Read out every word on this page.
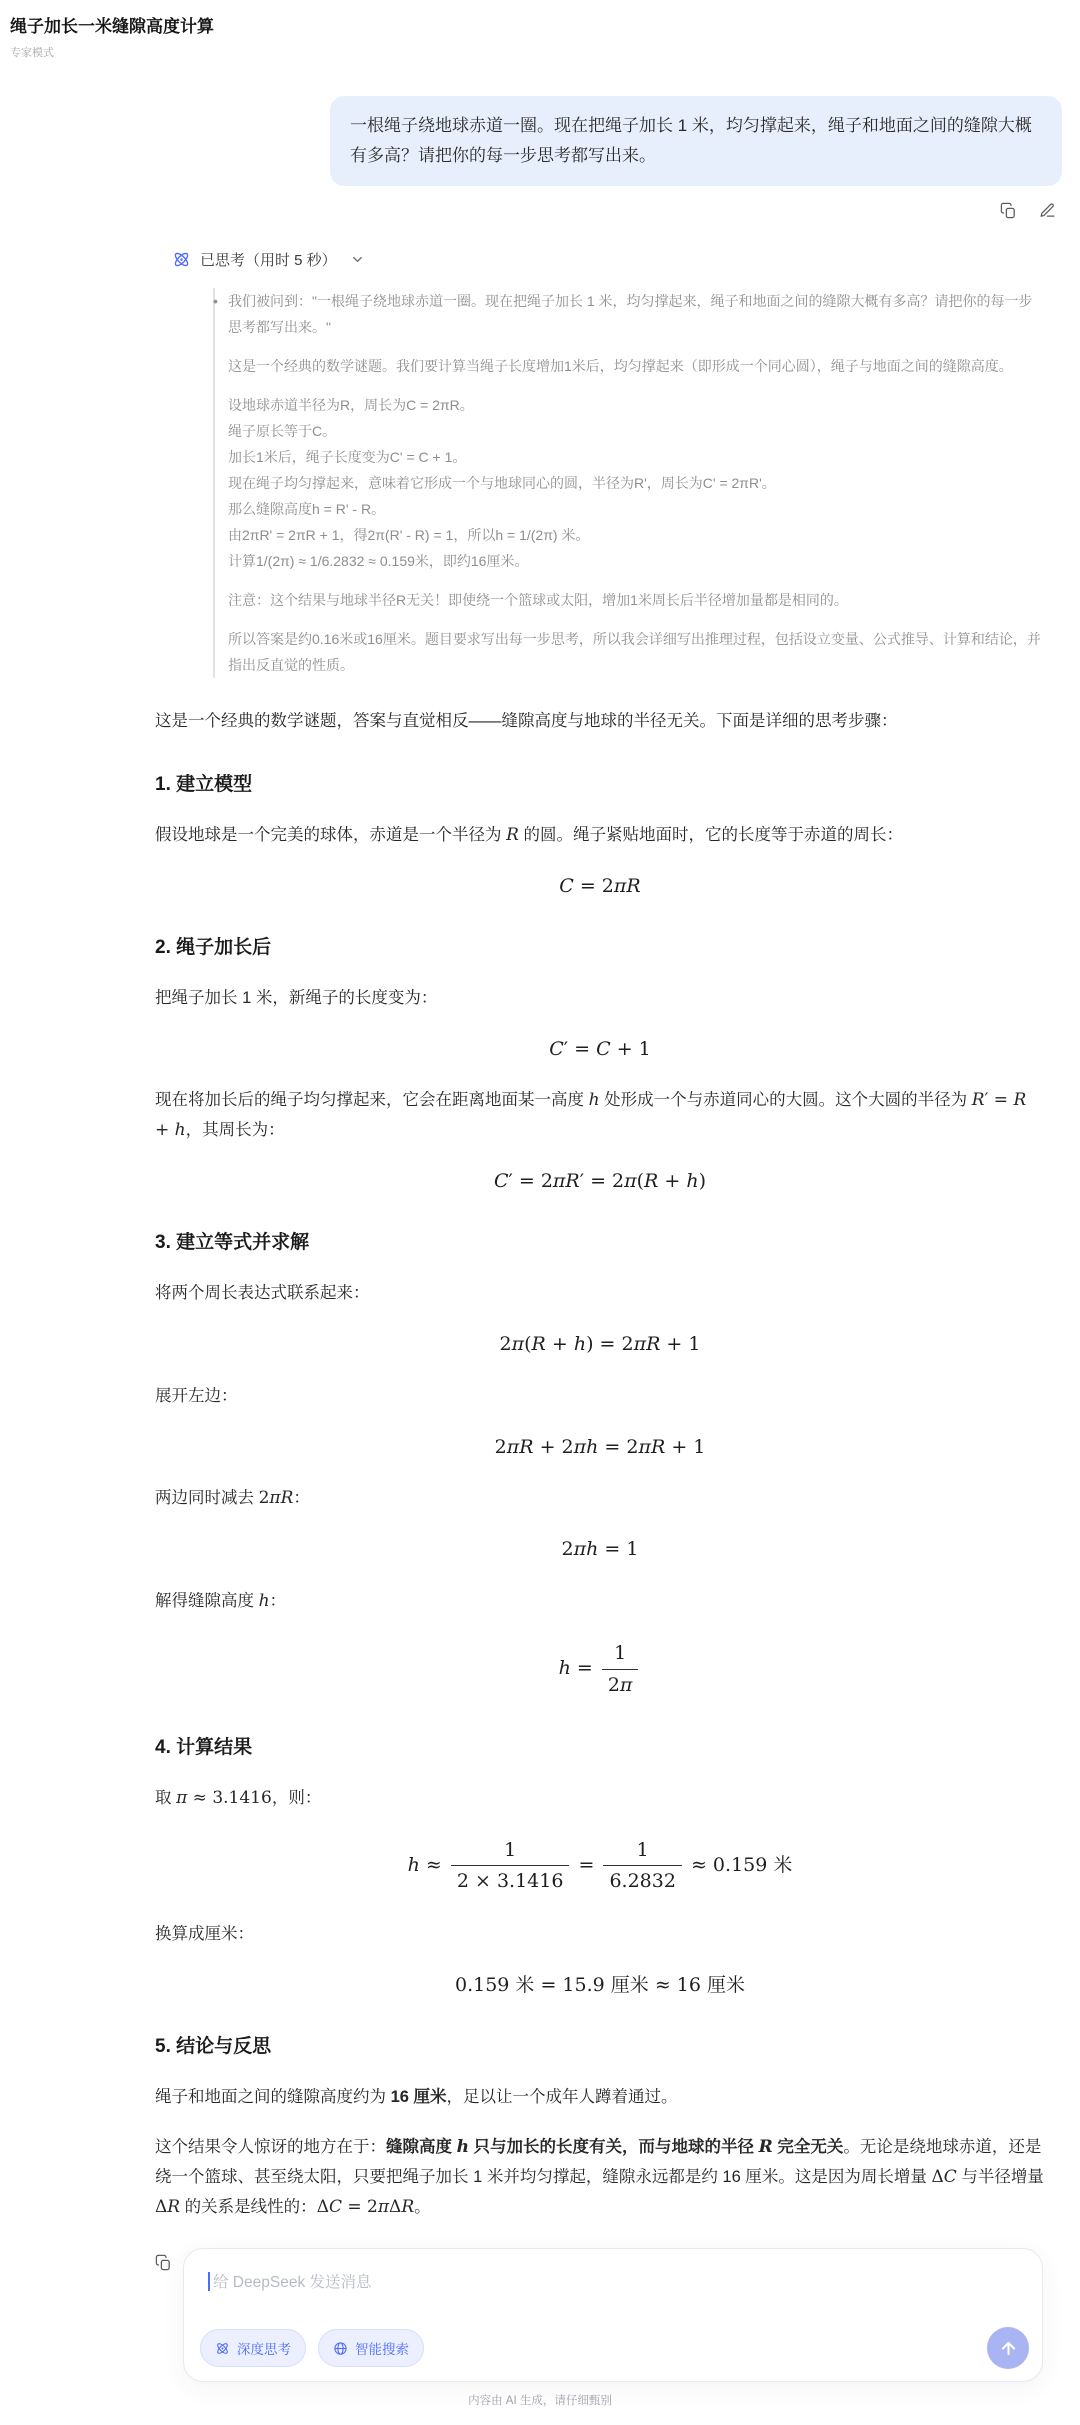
绳子加长一米缝隙高度计算
专家模式
一根绳子绕地球赤道一圈。现在把绳子加长 1 米，均匀撑起来，绳子和地面之间的缝隙大概有多高？请把你的每一步思考都写出来。
已思考（用时 5 秒）
• 我们被问到："一根绳子绕地球赤道一圈。现在把绳子加长 1 米，均匀撑起来，绳子和地面之间的缝隙大概有多高？请把你的每一步思考都写出来。"
这是一个经典的数学谜题。我们要计算当绳子长度增加1米后，均匀撑起来（即形成一个同心圆），绳子与地面之间的缝隙高度。
设地球赤道半径为R，周长为C = 2πR。
绳子原长等于C。
加长1米后，绳子长度变为C' = C + 1。
现在绳子均匀撑起来，意味着它形成一个与地球同心的圆，半径为R'，周长为C' = 2πR'。
那么缝隙高度h = R' - R。
由2πR' = 2πR + 1，得2π(R' - R) = 1，所以h = 1/(2π) 米。
计算1/(2π) ≈ 1/6.2832 ≈ 0.159米，即约16厘米。
注意：这个结果与地球半径R无关！即使绕一个篮球或太阳，增加1米周长后半径增加量都是相同的。
所以答案是约0.16米或16厘米。题目要求写出每一步思考，所以我会详细写出推理过程，包括设立变量、公式推导、计算和结论，并指出反直觉的性质。

这是一个经典的数学谜题，答案与直觉相反——缝隙高度与地球的半径无关。下面是详细的思考步骤：

1. 建立模型

假设地球是一个完美的球体，赤道是一个半径为 R 的圆。绳子紧贴地面时，它的长度等于赤道的周长：

C = 2πR
2. 绳子加长后

把绳子加长 1 米，新绳子的长度变为：

C′ = C + 1

现在将加长后的绳子均匀撑起来，它会在距离地面某一高度 h 处形成一个与赤道同心的大圆。这个大圆的半径为 R′ = R + h，其周长为：

C′ = 2πR′ = 2π(R + h)
3. 建立等式并求解

将两个周长表达式联系起来：

2π(R + h) = 2πR + 1

展开左边：

2πR + 2πh = 2πR + 1

两边同时减去 2πR：

2πh = 1

解得缝隙高度 h：

$h = \frac{1}{2\pi}$
4. 计算结果

取 π ≈ 3.1416，则：

$h \approx \frac{1}{2 \times 3.1416} = \frac{1}{6.2832} \approx 0.159$ 米

换算成厘米：

0.159 米 = 15.9 厘米 ≈ 16 厘米
5. 结论与反思

绳子和地面之间的缝隙高度约为 16 厘米，足以让一个成年人蹲着通过。

这个结果令人惊讶的地方在于：缝隙高度 h 只与加长的长度有关，而与地球的半径 R 完全无关。无论是绕地球赤道，还是绕一个篮球、甚至绕太阳，只要把绳子加长 1 米并均匀撑起，缝隙永远都是约 16 厘米。这是因为周长增量 ΔC 与半径增量 ΔR 的关系是线性的：ΔC = 2πΔR。

给 DeepSeek 发送消息
深度思考	智能搜索
内容由 AI 生成，请仔细甄别
